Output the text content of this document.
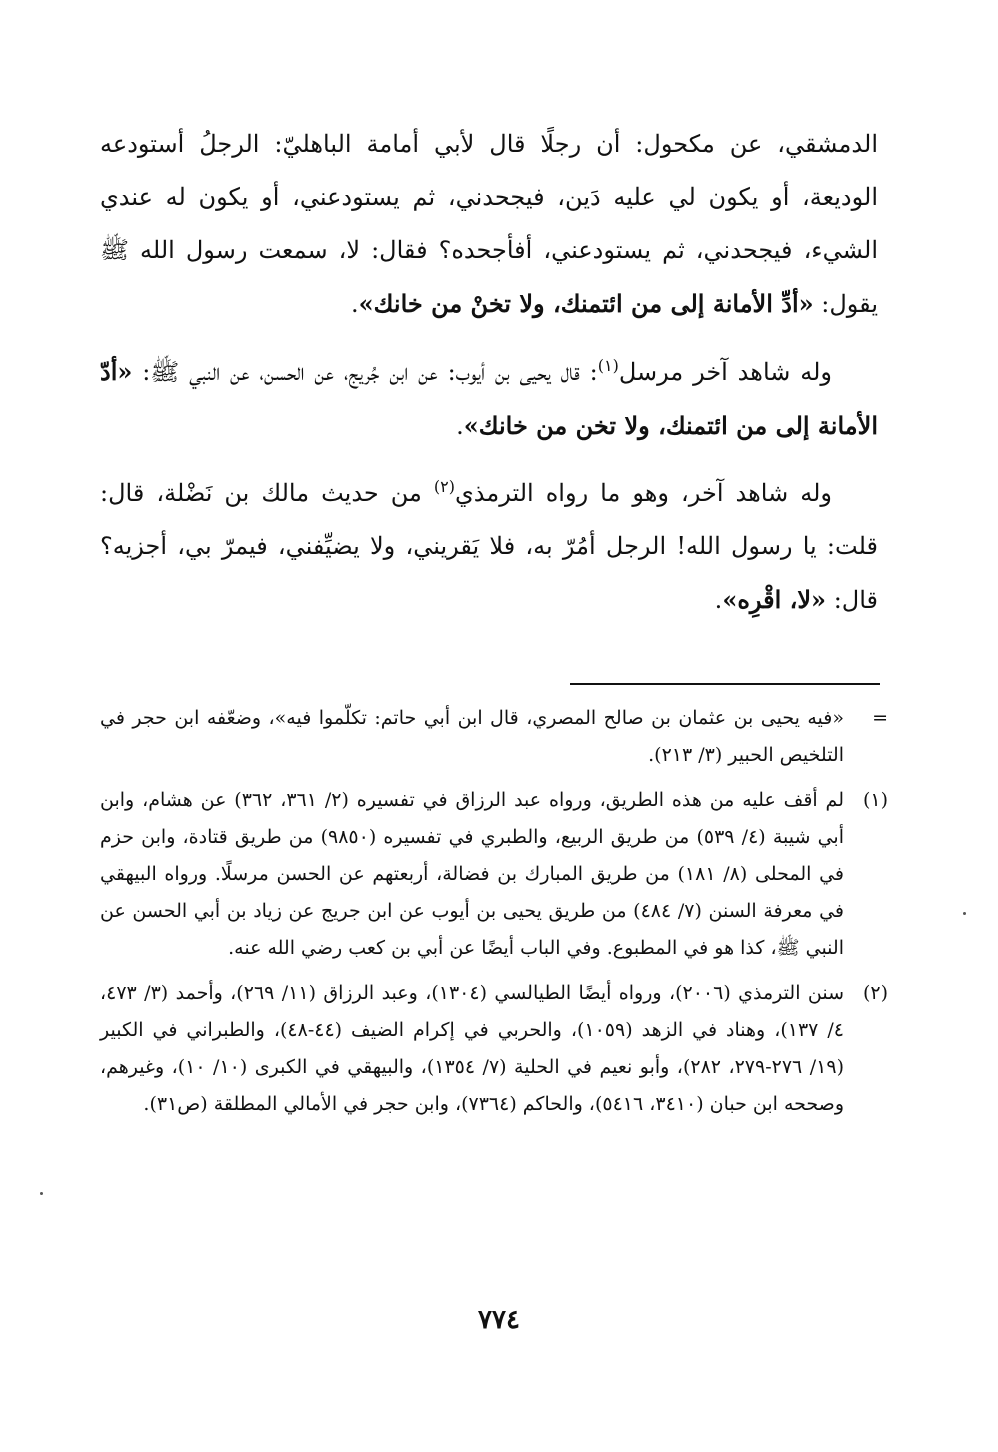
الدمشقي، عن مكحول: أن رجلًا قال لأبي أمامة الباهليّ: الرجلُ أستودعه الوديعة، أو يكون لي عليه دَين، فيجحدني، ثم يستودعني، أو يكون له عندي الشيء، فيجحدني، ثم يستودعني، أفأجحده؟ فقال: لا، سمعت رسول الله ﷺ يقول: «أدِّ الأمانة إلى من ائتمنك، ولا تخنْ من خانك».

وله شاهد آخر مرسل$^{(١)}$: قال يحيى بن أيوب: عن ابن جُريج، عن الحسن، عن النبي ﷺ: «أدّ الأمانة إلى من ائتمنك، ولا تخن من خانك».

وله شاهد آخر، وهو ما رواه الترمذي$^{(٢)}$ من حديث مالك بن نَضْلة، قال: قلت: يا رسول الله! الرجل أمُرّ به، فلا يَقريني، ولا يضيِّفني، فيمرّ بي، أجزيه؟ قال: «لا، اقْرِه».

=
«فيه يحيى بن عثمان بن صالح المصري، قال ابن أبي حاتم: تكلّموا فيه»، وضعّفه ابن حجر في التلخيص الحبير (٣/ ٢١٣).
(١)
لم أقف عليه من هذه الطريق، ورواه عبد الرزاق في تفسيره (٢/ ٣٦١، ٣٦٢) عن هشام، وابن أبي شيبة (٤/ ٥٣٩) من طريق الربيع، والطبري في تفسيره (٩٨٥٠) من طريق قتادة، وابن حزم في المحلى (٨/ ١٨١) من طريق المبارك بن فضالة، أربعتهم عن الحسن مرسلًا. ورواه البيهقي في معرفة السنن (٧/ ٤٨٤) من طريق يحيى بن أيوب عن ابن جريج عن زياد بن أبي الحسن عن النبي ﷺ، كذا هو في المطبوع. وفي الباب أيضًا عن أبي بن كعب رضي الله عنه.
(٢)
سنن الترمذي (٢٠٠٦)، ورواه أيضًا الطيالسي (١٣٠٤)، وعبد الرزاق (١١/ ٢٦٩)، وأحمد (٣/ ٤٧٣، ٤/ ١٣٧)، وهناد في الزهد (١٠٥٩)، والحربي في إكرام الضيف (٤٤-٤٨)، والطبراني في الكبير (١٩/ ٢٧٦-٢٧٩، ٢٨٢)، وأبو نعيم في الحلية (٧/ ١٣٥٤)، والبيهقي في الكبرى (١٠/ ١٠)، وغيرهم، وصححه ابن حبان (٣٤١٠، ٥٤١٦)، والحاكم (٧٣٦٤)، وابن حجر في الأمالي المطلقة (ص٣١).
٧٧٤
